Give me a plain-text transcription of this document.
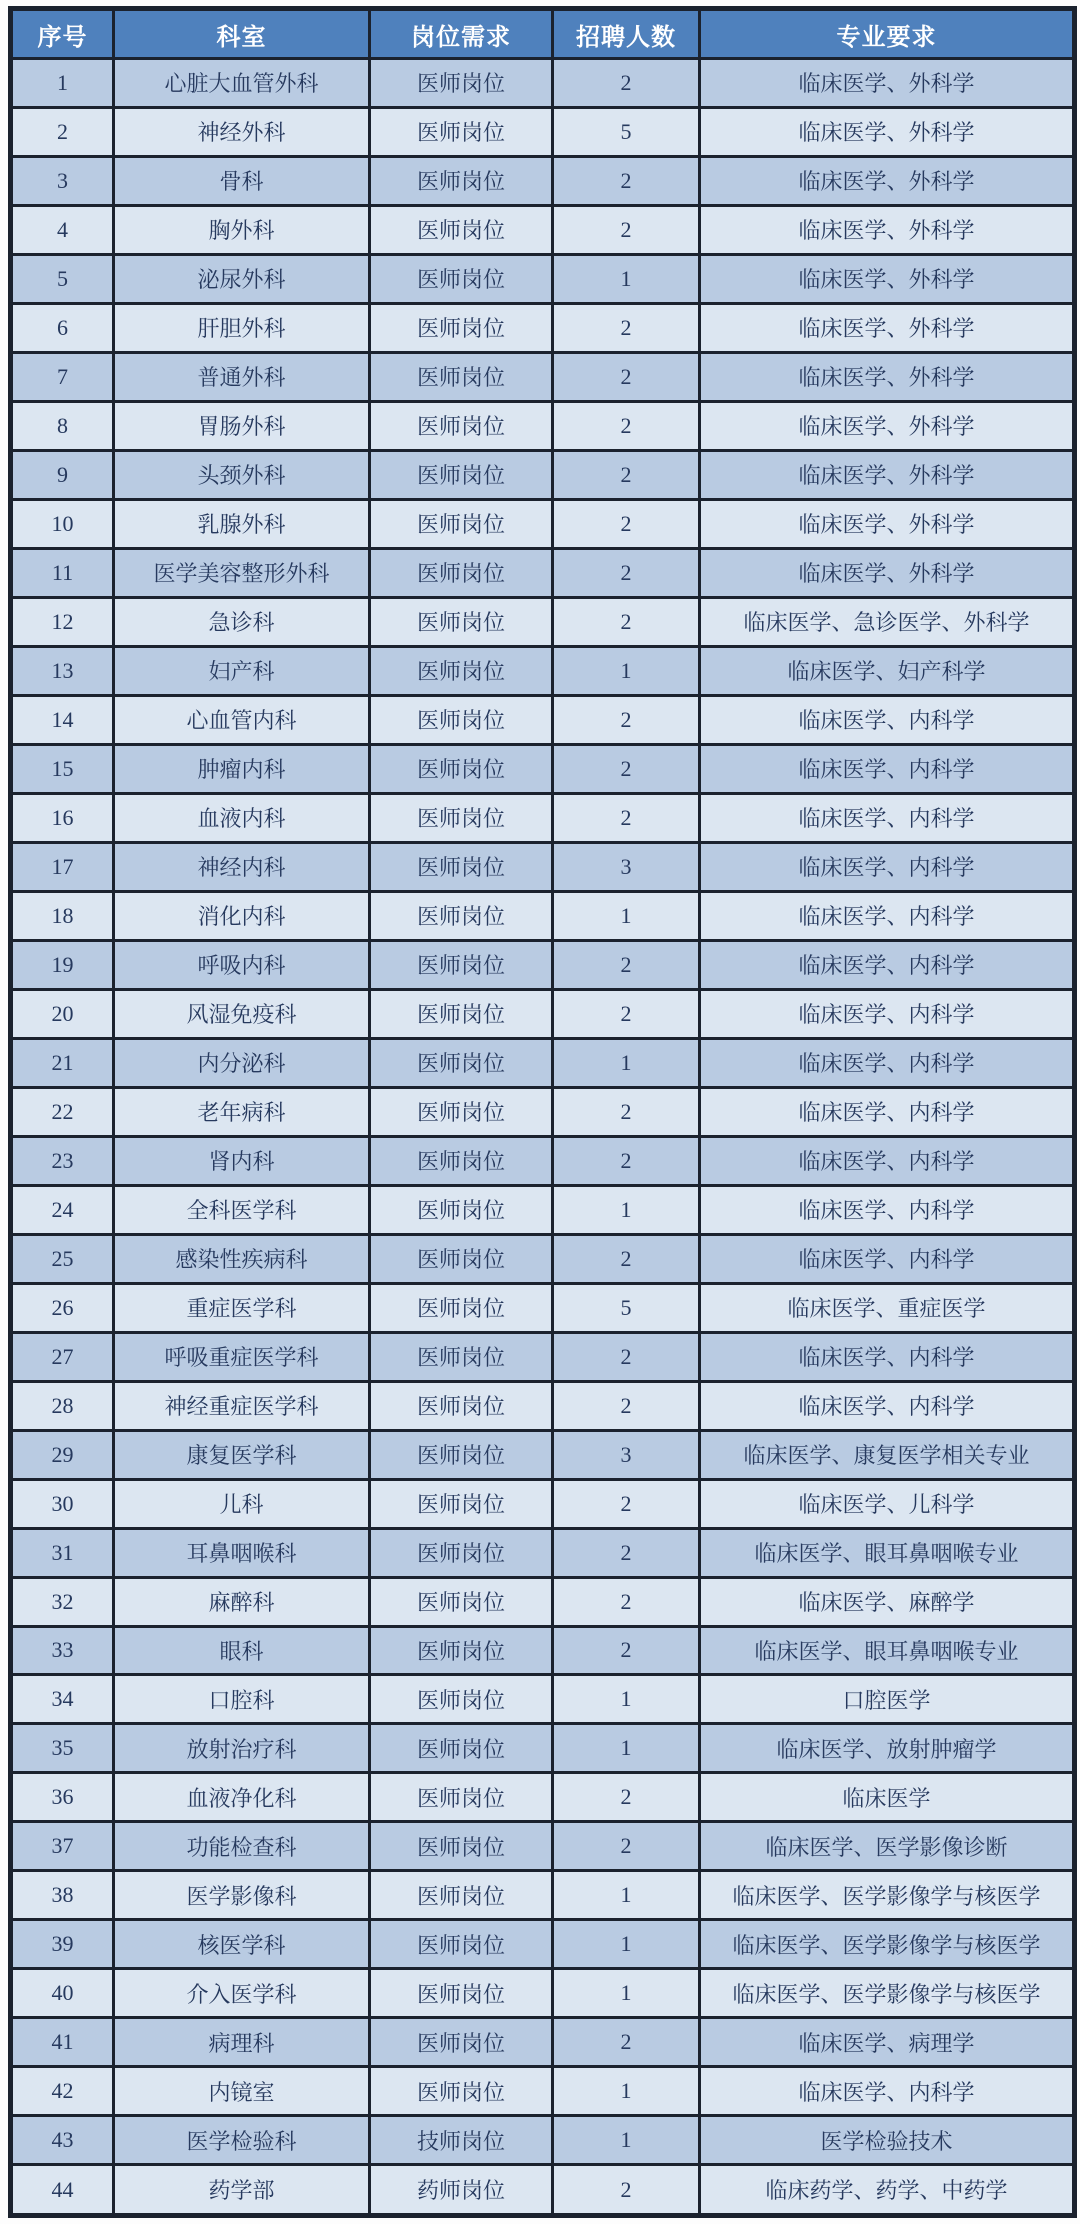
序号	科室	岗位需求	招聘人数	专业要求
1	心脏大血管外科	医师岗位	2	临床医学、外科学
2	神经外科	医师岗位	5	临床医学、外科学
3	骨科	医师岗位	2	临床医学、外科学
4	胸外科	医师岗位	2	临床医学、外科学
5	泌尿外科	医师岗位	1	临床医学、外科学
6	肝胆外科	医师岗位	2	临床医学、外科学
7	普通外科	医师岗位	2	临床医学、外科学
8	胃肠外科	医师岗位	2	临床医学、外科学
9	头颈外科	医师岗位	2	临床医学、外科学
10	乳腺外科	医师岗位	2	临床医学、外科学
11	医学美容整形外科	医师岗位	2	临床医学、外科学
12	急诊科	医师岗位	2	临床医学、急诊医学、外科学
13	妇产科	医师岗位	1	临床医学、妇产科学
14	心血管内科	医师岗位	2	临床医学、内科学
15	肿瘤内科	医师岗位	2	临床医学、内科学
16	血液内科	医师岗位	2	临床医学、内科学
17	神经内科	医师岗位	3	临床医学、内科学
18	消化内科	医师岗位	1	临床医学、内科学
19	呼吸内科	医师岗位	2	临床医学、内科学
20	风湿免疫科	医师岗位	2	临床医学、内科学
21	内分泌科	医师岗位	1	临床医学、内科学
22	老年病科	医师岗位	2	临床医学、内科学
23	肾内科	医师岗位	2	临床医学、内科学
24	全科医学科	医师岗位	1	临床医学、内科学
25	感染性疾病科	医师岗位	2	临床医学、内科学
26	重症医学科	医师岗位	5	临床医学、重症医学
27	呼吸重症医学科	医师岗位	2	临床医学、内科学
28	神经重症医学科	医师岗位	2	临床医学、内科学
29	康复医学科	医师岗位	3	临床医学、康复医学相关专业
30	儿科	医师岗位	2	临床医学、儿科学
31	耳鼻咽喉科	医师岗位	2	临床医学、眼耳鼻咽喉专业
32	麻醉科	医师岗位	2	临床医学、麻醉学
33	眼科	医师岗位	2	临床医学、眼耳鼻咽喉专业
34	口腔科	医师岗位	1	口腔医学
35	放射治疗科	医师岗位	1	临床医学、放射肿瘤学
36	血液净化科	医师岗位	2	临床医学
37	功能检查科	医师岗位	2	临床医学、医学影像诊断
38	医学影像科	医师岗位	1	临床医学、医学影像学与核医学
39	核医学科	医师岗位	1	临床医学、医学影像学与核医学
40	介入医学科	医师岗位	1	临床医学、医学影像学与核医学
41	病理科	医师岗位	2	临床医学、病理学
42	内镜室	医师岗位	1	临床医学、内科学
43	医学检验科	技师岗位	1	医学检验技术
44	药学部	药师岗位	2	临床药学、药学、中药学
